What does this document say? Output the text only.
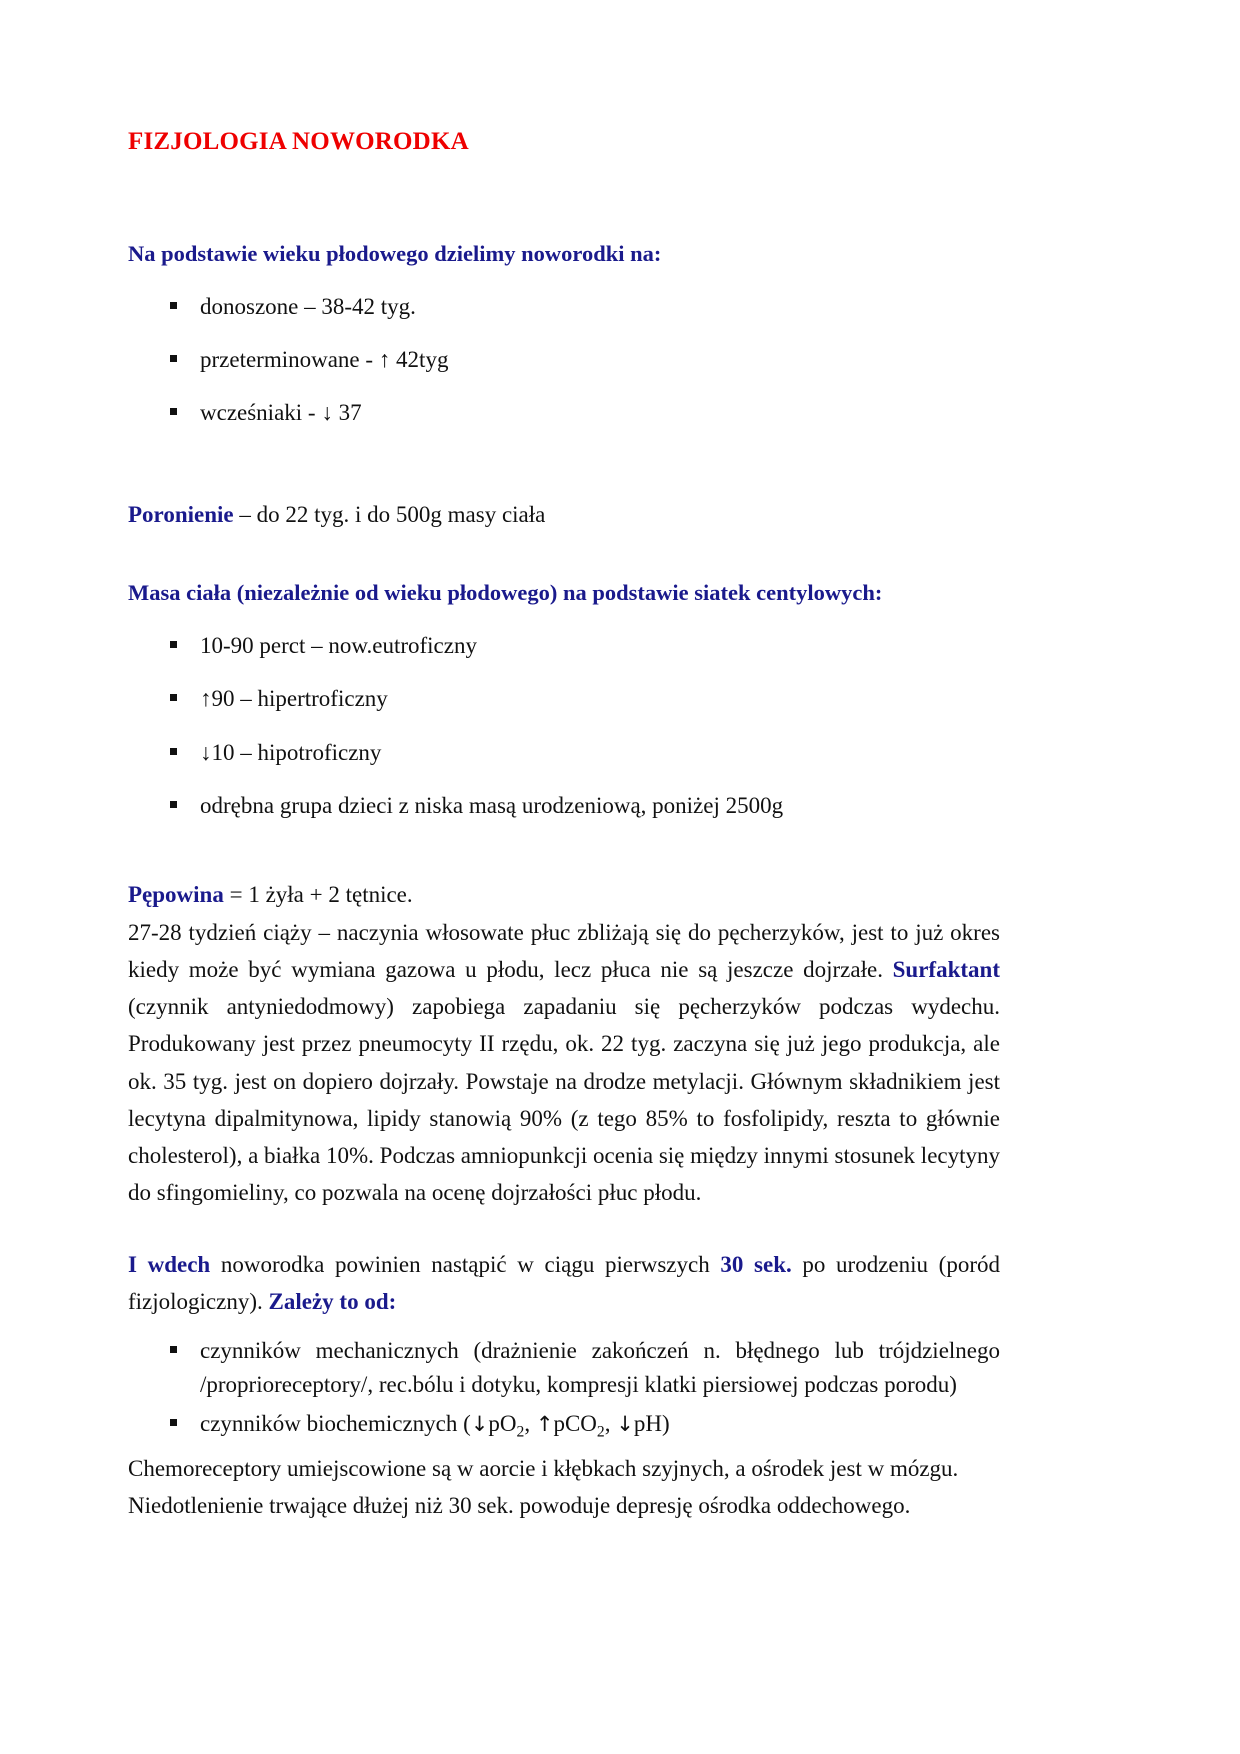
FIZJOLOGIA NOWORODKA

Na podstawie wieku płodowego dzielimy noworodki na:

donoszone – 38-42 tyg.
przeterminowane - ↑ 42tyg
wcześniaki - ↓ 37

Poronienie – do 22 tyg. i do 500g masy ciała

Masa ciała (niezależnie od wieku płodowego) na podstawie siatek centylowych:

10-90 perct – now.eutroficzny
↑90 – hipertroficzny
↓10 – hipotroficzny
odrębna grupa dzieci z niska masą urodzeniową, poniżej 2500g

Pępowina = 1 żyła + 2 tętnice.

27-28 tydzień ciąży – naczynia włosowate płuc zbliżają się do pęcherzyków, jest to już okres kiedy może być wymiana gazowa u płodu, lecz płuca nie są jeszcze dojrzałe. Surfaktant (czynnik antyniedodmowy) zapobiega zapadaniu się pęcherzyków podczas wydechu. Produkowany jest przez pneumocyty II rzędu, ok. 22 tyg. zaczyna się już jego produkcja, ale ok. 35 tyg. jest on dopiero dojrzały. Powstaje na drodze metylacji. Głównym składnikiem jest lecytyna dipalmitynowa, lipidy stanowią 90% (z tego 85% to fosfolipidy, reszta to głównie cholesterol), a białka 10%. Podczas amniopunkcji ocenia się między innymi stosunek lecytyny do sfingomieliny, co pozwala na ocenę dojrzałości płuc płodu.

I wdech noworodka powinien nastąpić w ciągu pierwszych 30 sek. po urodzeniu (poród fizjologiczny). Zależy to od:

czynników mechanicznych (drażnienie zakończeń n. błędnego lub trójdzielnego /proprioreceptory/, rec.bólu i dotyku, kompresji klatki piersiowej podczas porodu)
czynników biochemicznych ($↓pO_2$, ↑pCO$_2$, ↓pH)

Chemoreceptory umiejscowione są w aorcie i kłębkach szyjnych, a ośrodek jest w mózgu.

Niedotlenienie trwające dłużej niż 30 sek. powoduje depresję ośrodka oddechowego.
